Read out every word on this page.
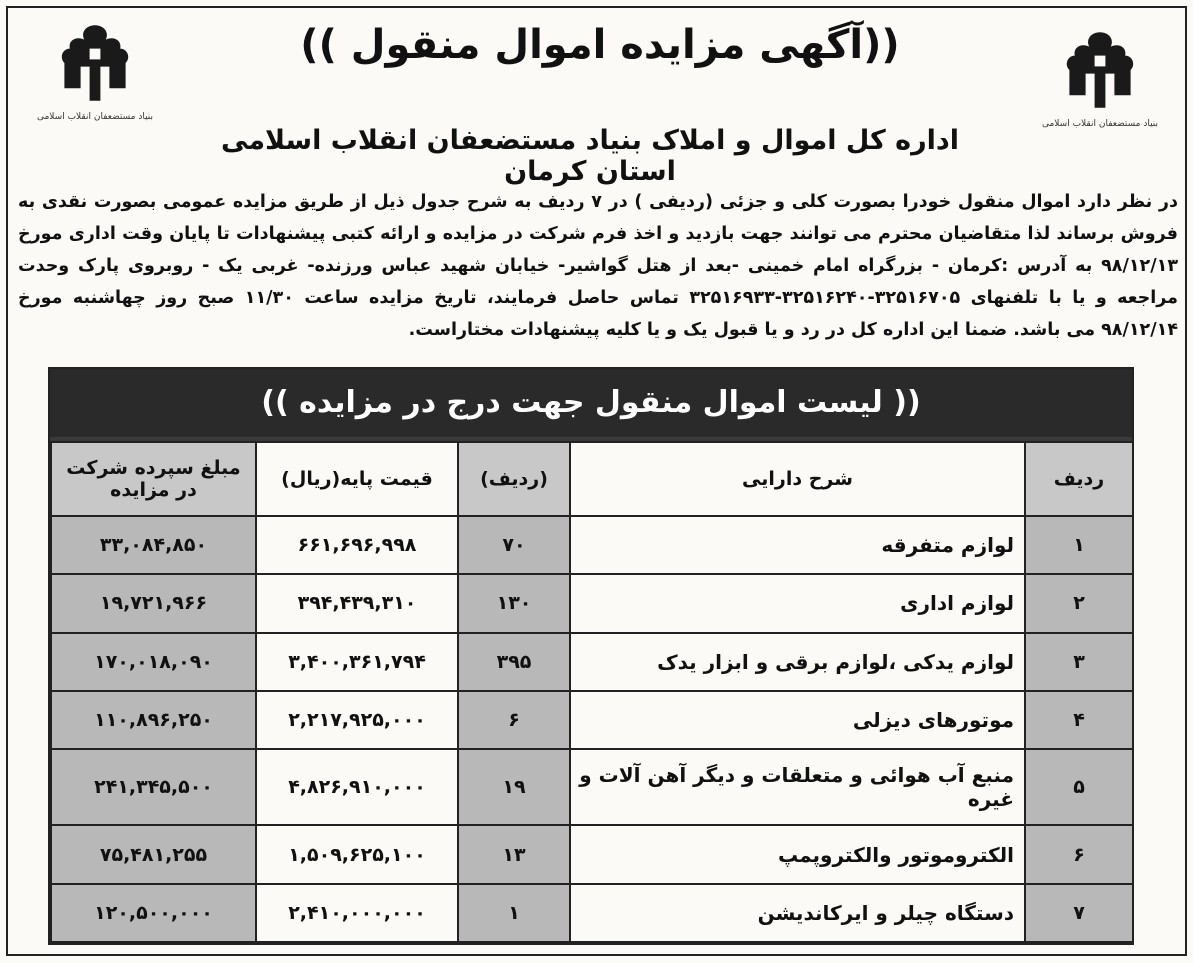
بنیاد مستضعفان انقلاب اسلامی
بنیاد مستضعفان انقلاب اسلامی
((آگهی مزایده اموال منقول ))
اداره کل اموال و املاک بنیاد مستضعفان انقلاب اسلامی استان کرمان
در نظر دارد اموال منقول خودرا بصورت کلی و جزئی (ردیفی ) در ۷ ردیف به شرح جدول ذیل از طریق مزایده عمومی بصورت نقدی به فروش برساند لذا متقاضیان محترم می توانند جهت بازدید و اخذ فرم شرکت در مزایده و ارائه کتبی پیشنهادات تا پایان وقت اداری مورخ ۹۸/۱۲/۱۳ به آدرس :کرمان - بزرگراه امام خمینی -بعد از هتل گواشیر- خیابان شهید عباس ورزنده- غربی یک - روبروی پارک وحدت مراجعه و یا با تلفنهای ۳۲۵۱۶۷۰۵-۳۲۵۱۶۲۴۰-۳۲۵۱۶۹۳۳ تماس حاصل فرمایند، تاریخ مزایده ساعت ۱۱/۳۰ صبح روز چهاشنبه مورخ ۹۸/۱۲/۱۴ می باشد. ضمنا این اداره کل در رد و یا قبول یک و یا کلیه پیشنهادات مختاراست.
(( لیست اموال منقول جهت درج در مزایده ))
ردیف	شرح دارایی	(ردیف)	قیمت پایه(ریال)	مبلغ سپرده شرکت در مزایده
۱	لوازم متفرقه	۷۰	۶۶۱,۶۹۶,۹۹۸	۳۳,۰۸۴,۸۵۰
۲	لوازم اداری	۱۳۰	۳۹۴,۴۳۹,۳۱۰	۱۹,۷۲۱,۹۶۶
۳	لوازم یدکی ،لوازم برقی و ابزار یدک	۳۹۵	۳,۴۰۰,۳۶۱,۷۹۴	۱۷۰,۰۱۸,۰۹۰
۴	موتورهای دیزلی	۶	۲,۲۱۷,۹۲۵,۰۰۰	۱۱۰,۸۹۶,۲۵۰
۵	منبع آب هوائی و متعلقات و دیگر آهن آلات و غیره	۱۹	۴,۸۲۶,۹۱۰,۰۰۰	۲۴۱,۳۴۵,۵۰۰
۶	الکتروموتور والکتروپمپ	۱۳	۱,۵۰۹,۶۲۵,۱۰۰	۷۵,۴۸۱,۲۵۵
۷	دستگاه چیلر و ایرکاندیشن	۱	۲,۴۱۰,۰۰۰,۰۰۰	۱۲۰,۵۰۰,۰۰۰
